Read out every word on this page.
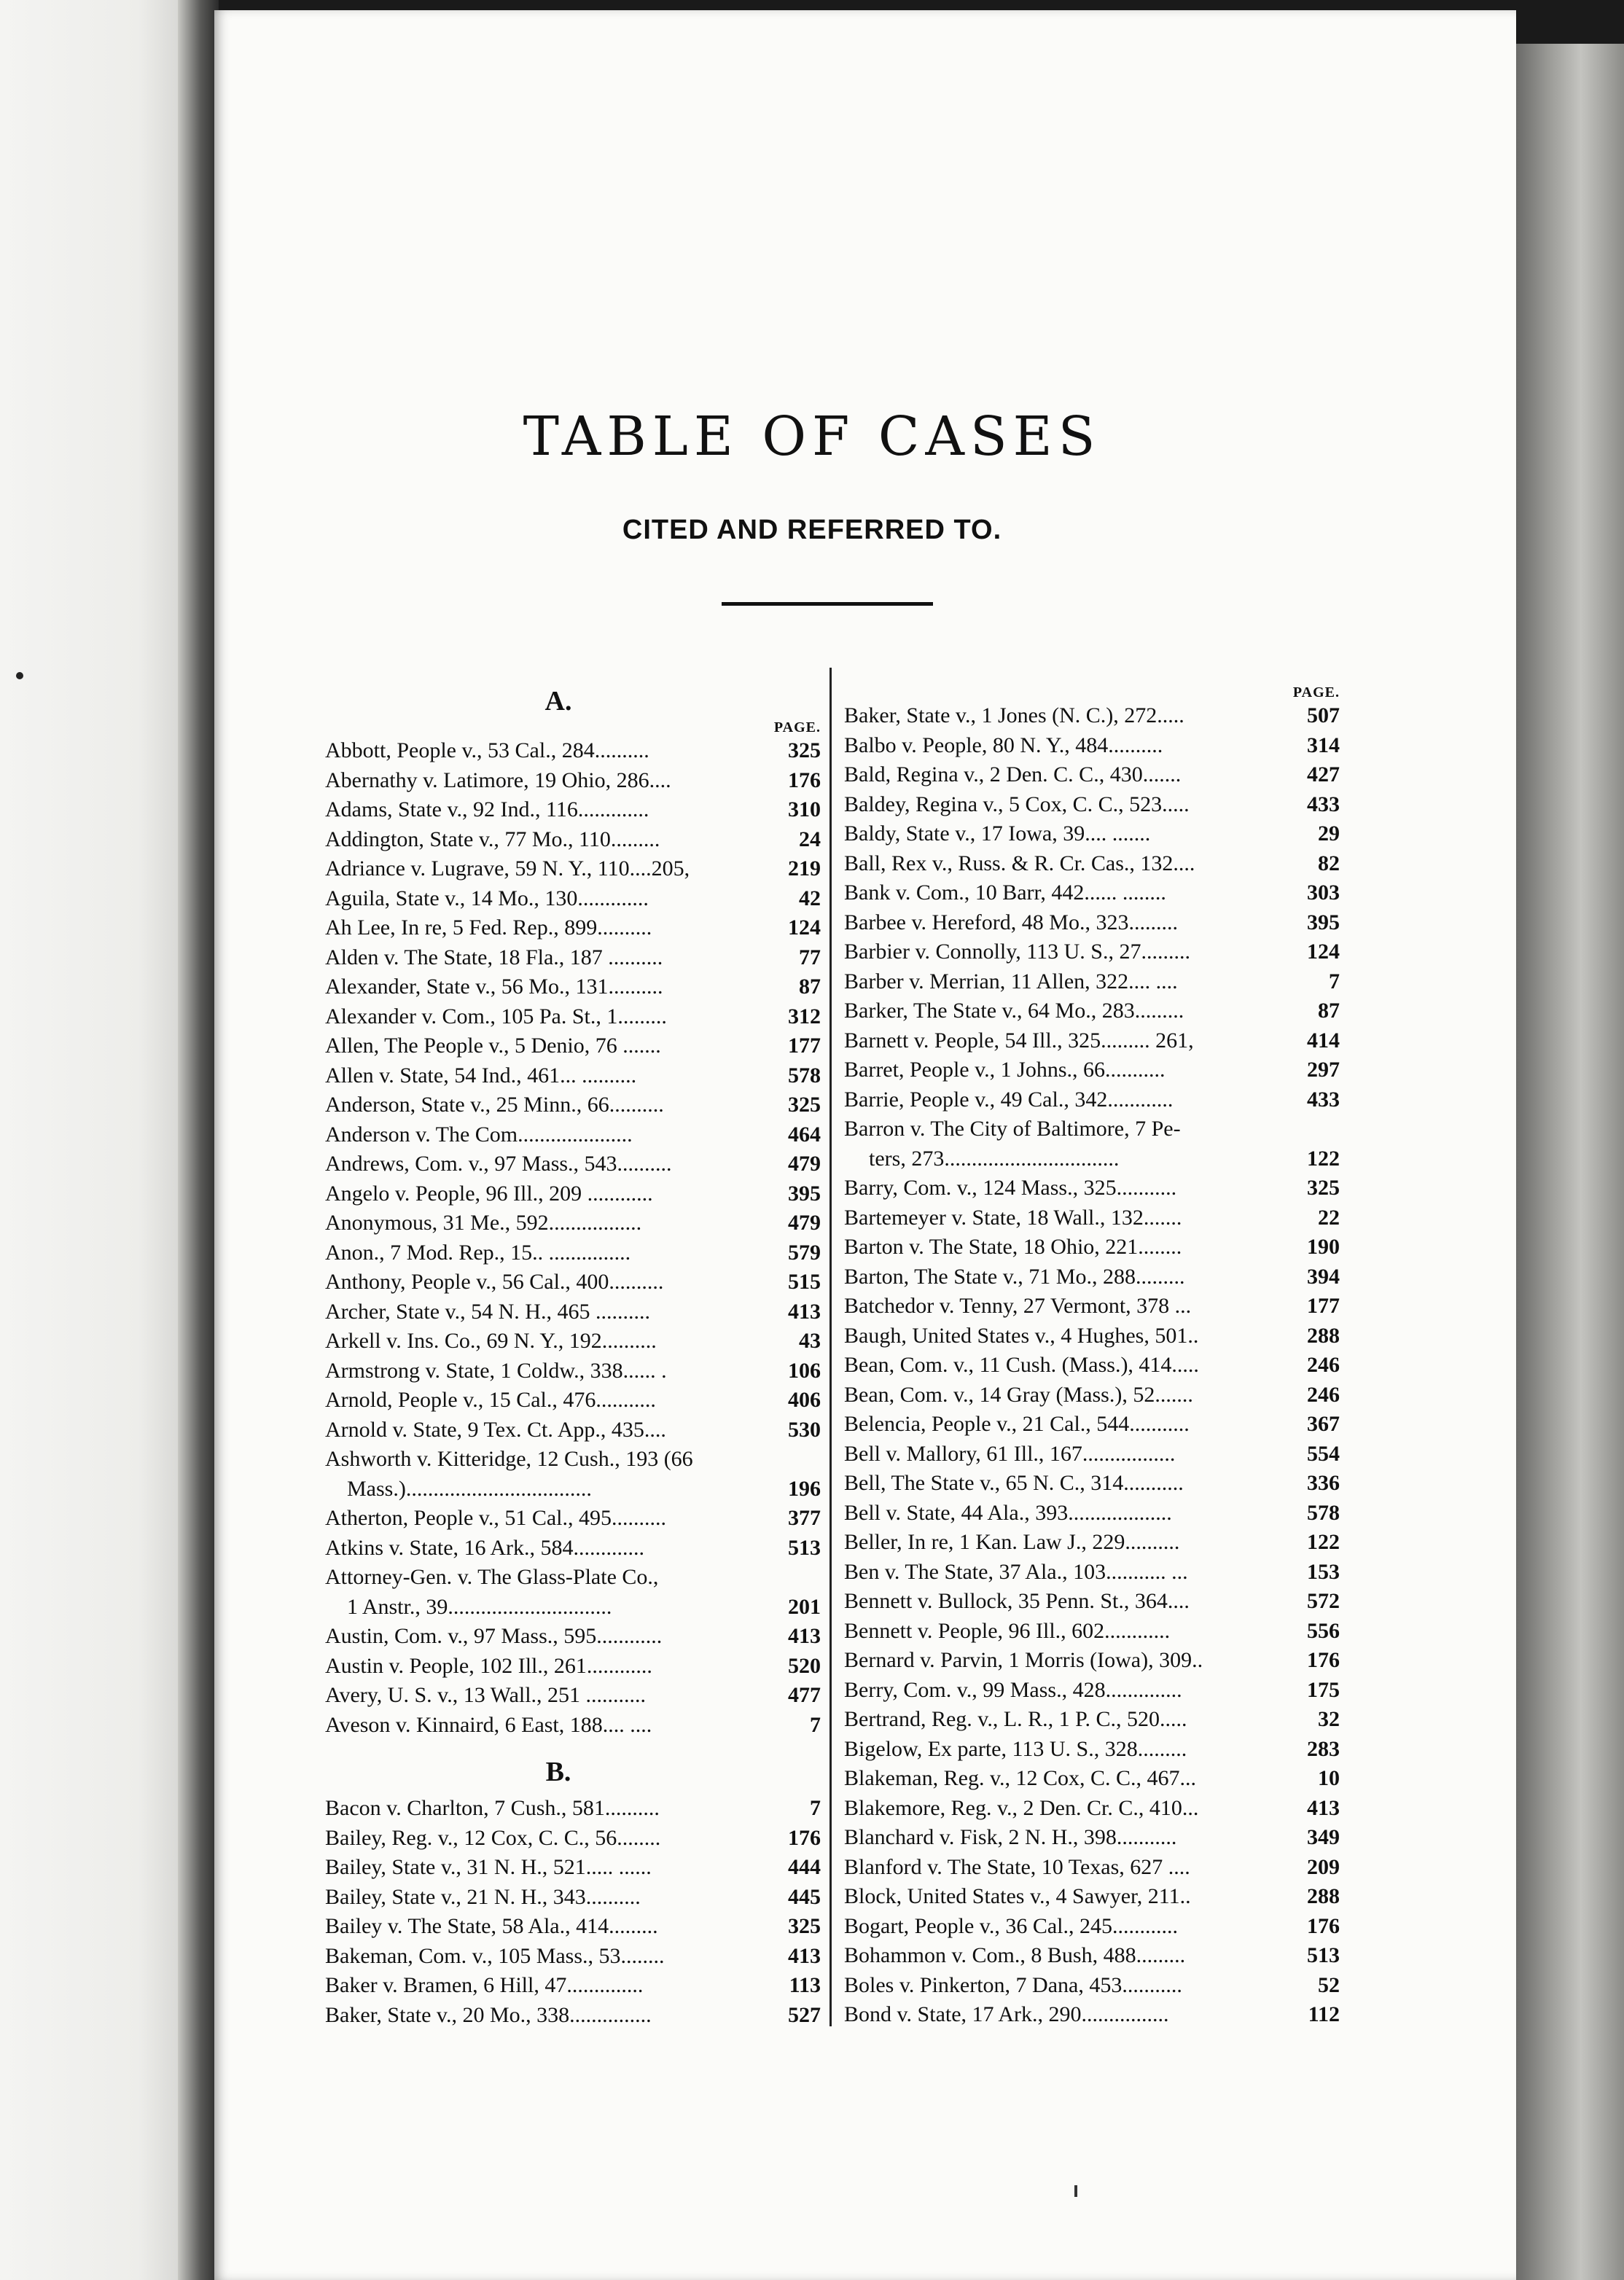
TABLE OF CASES
CITED AND REFERRED TO.
A.
PAGE.
Abbott, People v., 53 Cal., 284..........	325
Abernathy v. Latimore, 19 Ohio, 286....	176
Adams, State v., 92 Ind., 116.............	310
Addington, State v., 77 Mo., 110.........	24
Adriance v. Lugrave, 59 N. Y., 110....205,	219
Aguila, State v., 14 Mo., 130.............	42
Ah Lee, In re, 5 Fed. Rep., 899..........	124
Alden v. The State, 18 Fla., 187 ..........	77
Alexander, State v., 56 Mo., 131..........	87
Alexander v. Com., 105 Pa. St., 1.........	312
Allen, The People v., 5 Denio, 76 .......	177
Allen v. State, 54 Ind., 461... ..........	578
Anderson, State v., 25 Minn., 66..........	325
Anderson v. The Com.....................	464
Andrews, Com. v., 97 Mass., 543..........	479
Angelo v. People, 96 Ill., 209 ............	395
Anonymous, 31 Me., 592.................	479
Anon., 7 Mod. Rep., 15.. ...............	579
Anthony, People v., 56 Cal., 400..........	515
Archer, State v., 54 N. H., 465 ..........	413
Arkell v. Ins. Co., 69 N. Y., 192..........	43
Armstrong v. State, 1 Coldw., 338...... .	106
Arnold, People v., 15 Cal., 476...........	406
Arnold v. State, 9 Tex. Ct. App., 435....	530
Ashworth v. Kitteridge, 12 Cush., 193 (66
Mass.)..................................	196
Atherton, People v., 51 Cal., 495..........	377
Atkins v. State, 16 Ark., 584.............	513
Attorney-Gen. v. The Glass-Plate Co.,
1 Anstr., 39..............................	201
Austin, Com. v., 97 Mass., 595............	413
Austin v. People, 102 Ill., 261............	520
Avery, U. S. v., 13 Wall., 251 ...........	477
Aveson v. Kinnaird, 6 East, 188.... ....	7
B.
Bacon v. Charlton, 7 Cush., 581..........	7
Bailey, Reg. v., 12 Cox, C. C., 56........	176
Bailey, State v., 31 N. H., 521..... ......	444
Bailey, State v., 21 N. H., 343..........	445
Bailey v. The State, 58 Ala., 414.........	325
Bakeman, Com. v., 105 Mass., 53........	413
Baker v. Bramen, 6 Hill, 47..............	113
Baker, State v., 20 Mo., 338...............	527
PAGE.
Baker, State v., 1 Jones (N. C.), 272.....	507
Balbo v. People, 80 N. Y., 484..........	314
Bald, Regina v., 2 Den. C. C., 430.......	427
Baldey, Regina v., 5 Cox, C. C., 523.....	433
Baldy, State v., 17 Iowa, 39.... .......	29
Ball, Rex v., Russ. & R. Cr. Cas., 132....	82
Bank v. Com., 10 Barr, 442...... ........	303
Barbee v. Hereford, 48 Mo., 323.........	395
Barbier v. Connolly, 113 U. S., 27.........	124
Barber v. Merrian, 11 Allen, 322.... ....	7
Barker, The State v., 64 Mo., 283.........	87
Barnett v. People, 54 Ill., 325......... 261,	414
Barret, People v., 1 Johns., 66...........	297
Barrie, People v., 49 Cal., 342............	433
Barron v. The City of Baltimore, 7 Pe-
ters, 273................................	122
Barry, Com. v., 124 Mass., 325...........	325
Bartemeyer v. State, 18 Wall., 132.......	22
Barton v. The State, 18 Ohio, 221........	190
Barton, The State v., 71 Mo., 288.........	394
Batchedor v. Tenny, 27 Vermont, 378 ...	177
Baugh, United States v., 4 Hughes, 501..	288
Bean, Com. v., 11 Cush. (Mass.), 414.....	246
Bean, Com. v., 14 Gray (Mass.), 52.......	246
Belencia, People v., 21 Cal., 544...........	367
Bell v. Mallory, 61 Ill., 167.................	554
Bell, The State v., 65 N. C., 314...........	336
Bell v. State, 44 Ala., 393...................	578
Beller, In re, 1 Kan. Law J., 229..........	122
Ben v. The State, 37 Ala., 103........... ...	153
Bennett v. Bullock, 35 Penn. St., 364....	572
Bennett v. People, 96 Ill., 602............	556
Bernard v. Parvin, 1 Morris (Iowa), 309..	176
Berry, Com. v., 99 Mass., 428..............	175
Bertrand, Reg. v., L. R., 1 P. C., 520.....	32
Bigelow, Ex parte, 113 U. S., 328.........	283
Blakeman, Reg. v., 12 Cox, C. C., 467...	10
Blakemore, Reg. v., 2 Den. Cr. C., 410...	413
Blanchard v. Fisk, 2 N. H., 398...........	349
Blanford v. The State, 10 Texas, 627 ....	209
Block, United States v., 4 Sawyer, 211..	288
Bogart, People v., 36 Cal., 245............	176
Bohammon v. Com., 8 Bush, 488.........	513
Boles v. Pinkerton, 7 Dana, 453...........	52
Bond v. State, 17 Ark., 290................	112
